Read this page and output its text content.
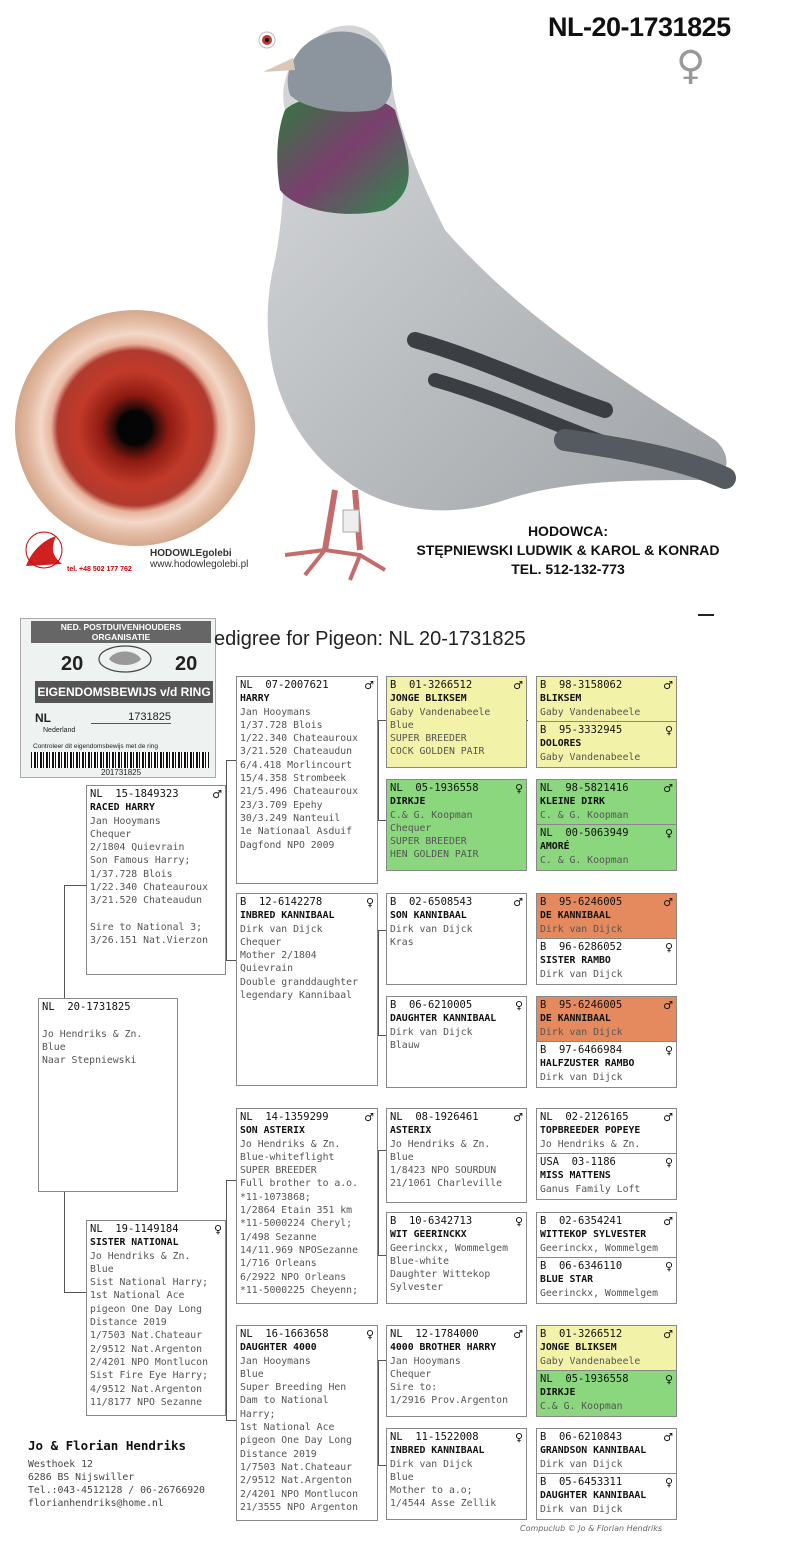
NL-20-1731825
♀
tel. +48 502 177 762
HODOWLEgolebi
www.hodowlegolebi.pl
HODOWCA:
STĘPNIEWSKI LUDWIK & KAROL & KONRAD
TEL. 512-132-773
NED. POSTDUIVENHOUDERS ORGANISATIE
20	20
EIGENDOMSBEWIJS v/d RING
NL	1731825
Nederland
Controleer dit eigendomsbewijs met de ring
201731825
edigree for Pigeon: NL 20-1731825
NL 20-1731825

Jo Hendriks & Zn.
Blue
Naar Stepniewski
NL 15-1849323	♂
RACED HARRY
Jan Hooymans
Chequer
2/1804 Quievrain
Son Famous Harry;
1/37.728 Blois
1/22.340 Chateauroux
3/21.520 Chateaudun

Sire to National 3;
3/26.151 Nat.Vierzon
NL 19-1149184	♀
SISTER NATIONAL
Jo Hendriks & Zn.
Blue
Sist National Harry;
1st National Ace
pigeon One Day Long
Distance 2019
1/7503 Nat.Chateaur
2/9512 Nat.Argenton
2/4201 NPO Montlucon
Sist Fire Eye Harry;
4/9512 Nat.Argenton
11/8177 NPO Sezanne
NL 07-2007621	♂
HARRY
Jan Hooymans
1/37.728 Blois
1/22.340 Chateauroux
3/21.520 Chateaudun
6/4.418 Morlincourt
15/4.358 Strombeek
21/5.496 Chateauroux
23/3.709 Epehy
30/3.249 Nanteuil
1e Nationaal Asduif
Dagfond NPO 2009
B 12-6142278	♀
INBRED KANNIBAAL
Dirk van Dijck
Chequer
Mother 2/1804
Quievrain
Double granddaughter
legendary Kannibaal
NL 14-1359299	♂
SON ASTERIX
Jo Hendriks & Zn.
Blue-whiteflight
SUPER BREEDER
Full brother to a.o.
*11-1073868;
1/2864 Etain 351 km
*11-5000224 Cheryl;
1/498 Sezanne
14/11.969 NPOSezanne
1/716 Orleans
6/2922 NPO Orleans
*11-5000225 Cheyenn;
NL 16-1663658	♀
DAUGHTER 4000
Jan Hooymans
Blue
Super Breeding Hen
Dam to National
Harry;
1st National Ace
pigeon One Day Long
Distance 2019
1/7503 Nat.Chateaur
2/9512 Nat.Argenton
2/4201 NPO Montlucon
21/3555 NPO Argenton
B 01-3266512	♂
JONGE BLIKSEM
Gaby Vandenabeele
Blue
SUPER BREEDER
COCK GOLDEN PAIR
NL 05-1936558	♀
DIRKJE
C.& G. Koopman
Chequer
SUPER BREEDER
HEN GOLDEN PAIR
B 02-6508543	♂
SON KANNIBAAL
Dirk van Dijck
Kras
B 06-6210005	♀
DAUGHTER KANNIBAAL
Dirk van Dijck
Blauw
NL 08-1926461	♂
ASTERIX
Jo Hendriks & Zn.
Blue
1/8423 NPO SOURDUN
21/1061 Charleville
B 10-6342713	♀
WIT GEERINCKX
Geerinckx, Wommelgem
Blue-white
Daughter Wittekop
Sylvester
NL 12-1784000	♂
4000 BROTHER HARRY
Jan Hooymans
Chequer
Sire to:
1/2916 Prov.Argenton
NL 11-1522008	♀
INBRED KANNIBAAL
Dirk van Dijck
Blue
Mother to a.o;
1/4544 Asse Zellik
B 98-3158062	♂
BLIKSEM
Gaby Vandenabeele
B 95-3332945	♀
DOLORES
Gaby Vandenabeele
NL 98-5821416	♂
KLEINE DIRK
C. & G. Koopman
NL 00-5063949	♀
AMORÉ
C. & G. Koopman
B 95-6246005	♂
DE KANNIBAAL
Dirk van Dijck
B 96-6286052	♀
SISTER RAMBO
Dirk van Dijck
B 95-6246005	♂
DE KANNIBAAL
Dirk van Dijck
B 97-6466984	♀
HALFZUSTER RAMBO
Dirk van Dijck
NL 02-2126165	♂
TOPBREEDER POPEYE
Jo Hendriks & Zn.
USA 03-1186	♀
MISS MATTENS
Ganus Family Loft
B 02-6354241	♂
WITTEKOP SYLVESTER
Geerinckx, Wommelgem
B 06-6346110	♀
BLUE STAR
Geerinckx, Wommelgem
B 01-3266512	♂
JONGE BLIKSEM
Gaby Vandenabeele
NL 05-1936558	♀
DIRKJE
C.& G. Koopman
B 06-6210843	♂
GRANDSON KANNIBAAL
Dirk van Dijck
B 05-6453311	♀
DAUGHTER KANNIBAAL
Dirk van Dijck
Jo & Florian Hendriks
Westhoek 12
6286 BS Nijswiller
Tel.:043-4512128 / 06-26766920
florianhendriks@home.nl
Compuclub © Jo & Florian Hendriks
